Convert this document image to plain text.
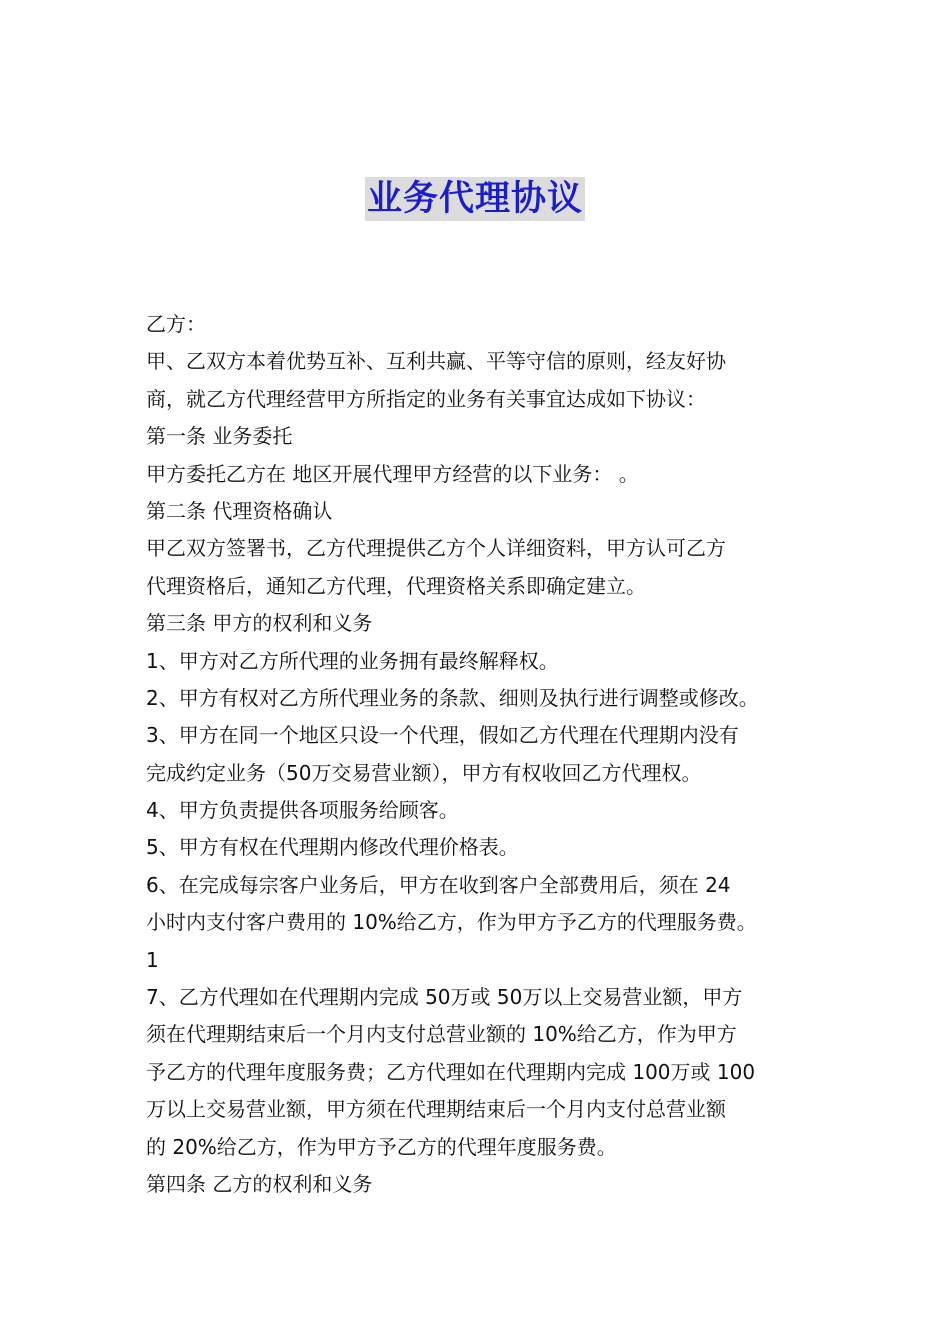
业务代理协议
乙方：
甲、乙双方本着优势互补、互利共赢、平等守信的原则，经友好协
商，就乙方代理经营甲方所指定的业务有关事宜达成如下协议：
第一条 业务委托
甲方委托乙方在 地区开展代理甲方经营的以下业务： 。
第二条 代理资格确认
甲乙双方签署书，乙方代理提供乙方个人详细资料，甲方认可乙方
代理资格后，通知乙方代理，代理资格关系即确定建立。
第三条 甲方的权利和义务
1、甲方对乙方所代理的业务拥有最终解释权。
2、甲方有权对乙方所代理业务的条款、细则及执行进行调整或修改。
3、甲方在同一个地区只设一个代理，假如乙方代理在代理期内没有
完成约定业务（50万交易营业额），甲方有权收回乙方代理权。
4、甲方负责提供各项服务给顾客。
5、甲方有权在代理期内修改代理价格表。
6、在完成每宗客户业务后，甲方在收到客户全部费用后，须在 24
小时内支付客户费用的 10%给乙方，作为甲方予乙方的代理服务费。
1
7、乙方代理如在代理期内完成 50万或 50万以上交易营业额，甲方
须在代理期结束后一个月内支付总营业额的 10%给乙方，作为甲方
予乙方的代理年度服务费；乙方代理如在代理期内完成 100万或 100
万以上交易营业额，甲方须在代理期结束后一个月内支付总营业额
的 20%给乙方，作为甲方予乙方的代理年度服务费。
第四条 乙方的权利和义务
